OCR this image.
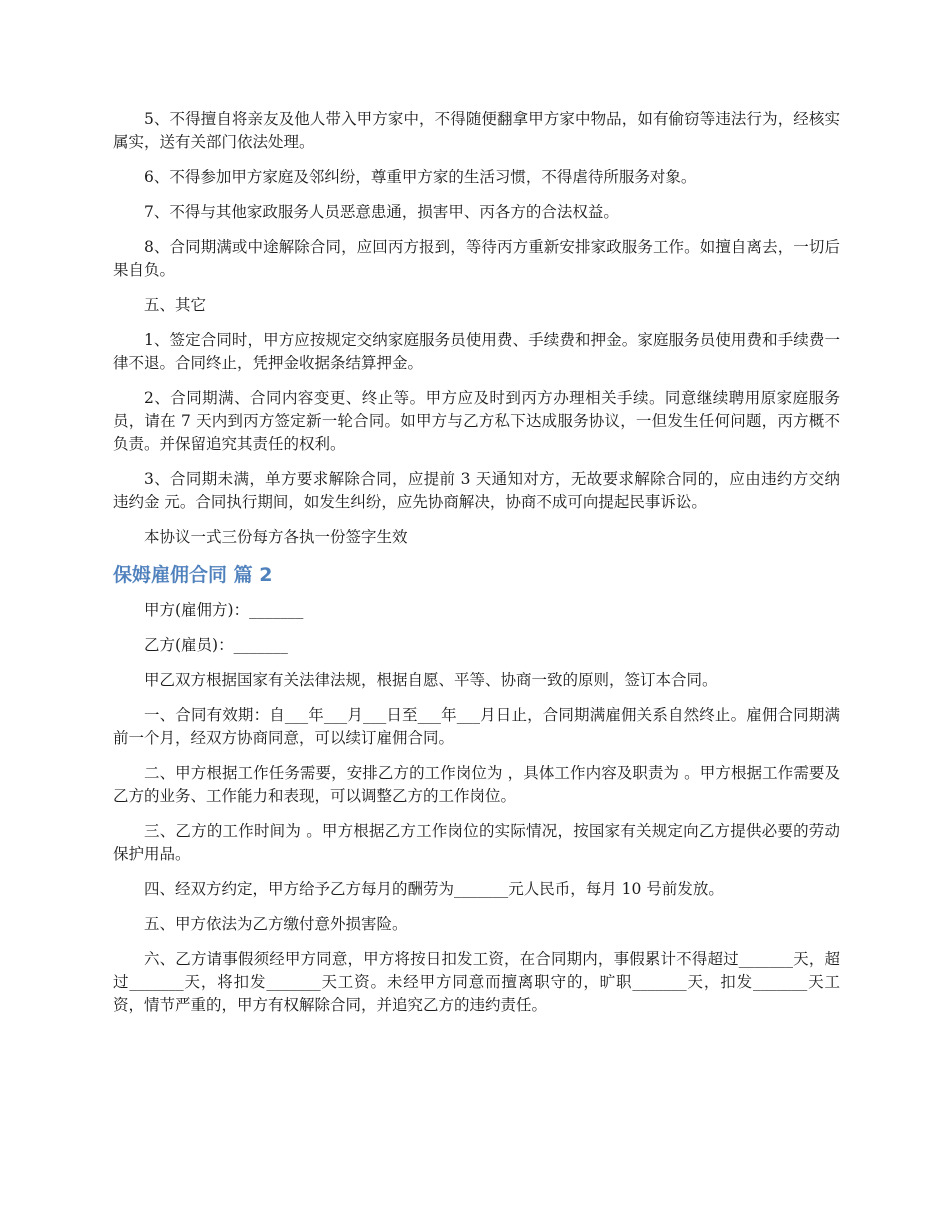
5、不得擅自将亲友及他人带入甲方家中，不得随便翻拿甲方家中物品，如有偷窃等违法行为，经核实属实，送有关部门依法处理。

6、不得参加甲方家庭及邻纠纷，尊重甲方家的生活习惯，不得虐待所服务对象。

7、不得与其他家政服务人员恶意患通，损害甲、丙各方的合法权益。

8、合同期满或中途解除合同，应回丙方报到，等待丙方重新安排家政服务工作。如擅自离去，一切后果自负。

五、其它

1、签定合同时，甲方应按规定交纳家庭服务员使用费、手续费和押金。家庭服务员使用费和手续费一律不退。合同终止，凭押金收据条结算押金。

2、合同期满、合同内容变更、终止等。甲方应及时到丙方办理相关手续。同意继续聘用原家庭服务员，请在 7 天内到丙方签定新一轮合同。如甲方与乙方私下达成服务协议，一但发生任何问题，丙方概不负责。并保留追究其责任的权利。

3、合同期未满，单方要求解除合同，应提前 3 天通知对方，无故要求解除合同的，应由违约方交纳违约金 元。合同执行期间，如发生纠纷，应先协商解决，协商不成可向提起民事诉讼。

本协议一式三份每方各执一份签字生效

保姆雇佣合同 篇 2

甲方(雇佣方)：_______

乙方(雇员)：_______

甲乙双方根据国家有关法律法规，根据自愿、平等、协商一致的原则，签订本合同。

一、合同有效期：自___年___月___日至___年___月日止，合同期满雇佣关系自然终止。雇佣合同期满前一个月，经双方协商同意，可以续订雇佣合同。

二、甲方根据工作任务需要，安排乙方的工作岗位为 ，具体工作内容及职责为 。甲方根据工作需要及乙方的业务、工作能力和表现，可以调整乙方的工作岗位。

三、乙方的工作时间为 。甲方根据乙方工作岗位的实际情况，按国家有关规定向乙方提供必要的劳动保护用品。

四、经双方约定，甲方给予乙方每月的酬劳为_______元人民币，每月 10 号前发放。

五、甲方依法为乙方缴付意外损害险。

六、乙方请事假须经甲方同意，甲方将按日扣发工资，在合同期内，事假累计不得超过_______天，超过_______天，将扣发_______天工资。未经甲方同意而擅离职守的，旷职_______天，扣发_______天工资，情节严重的，甲方有权解除合同，并追究乙方的违约责任。
